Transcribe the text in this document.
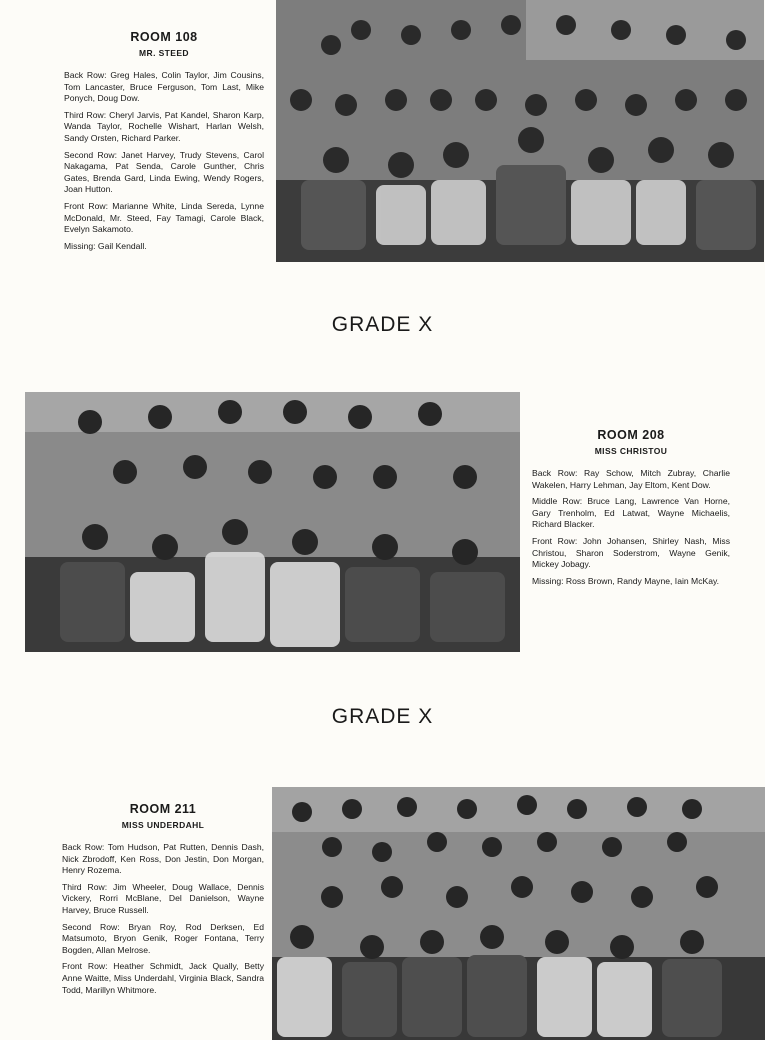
ROOM 108
MR. STEED

Back Row: Greg Hales, Colin Taylor, Jim Cousins, Tom Lancaster, Bruce Ferguson, Tom Last, Mike Ponych, Doug Dow.

Third Row: Cheryl Jarvis, Pat Kandel, Sharon Karp, Wanda Taylor, Rochelle Wishart, Harlan Welsh, Sandy Orsten, Richard Parker.

Second Row: Janet Harvey, Trudy Stevens, Carol Nakagama, Pat Senda, Carole Gunther, Chris Gates, Brenda Gard, Linda Ewing, Wendy Rogers, Joan Hutton.

Front Row: Marianne White, Linda Sereda, Lynne McDonald, Mr. Steed, Fay Tamagi, Carole Black, Evelyn Sakamoto.

Missing: Gail Kendall.

GRADE X
ROOM 208
MISS CHRISTOU

Back Row: Ray Schow, Mitch Zubray, Charlie Wakelen, Harry Lehman, Jay Eltom, Kent Dow.

Middle Row: Bruce Lang, Lawrence Van Horne, Gary Trenholm, Ed Latwat, Wayne Michaelis, Richard Blacker.

Front Row: John Johansen, Shirley Nash, Miss Christou, Sharon Soderstrom, Wayne Genik, Mickey Jobagy.

Missing: Ross Brown, Randy Mayne, Iain McKay.

GRADE X
ROOM 211
MISS UNDERDAHL

Back Row: Tom Hudson, Pat Rutten, Dennis Dash, Nick Zbrodoff, Ken Ross, Don Jestin, Don Morgan, Henry Rozema.

Third Row: Jim Wheeler, Doug Wallace, Dennis Vickery, Rorri McBlane, Del Danielson, Wayne Harvey, Bruce Russell.

Second Row: Bryan Roy, Rod Derksen, Ed Matsumoto, Bryon Genik, Roger Fontana, Terry Bogden, Allan Melrose.

Front Row: Heather Schmidt, Jack Qually, Betty Anne Waitte, Miss Underdahl, Virginia Black, Sandra Todd, Marillyn Whitmore.
